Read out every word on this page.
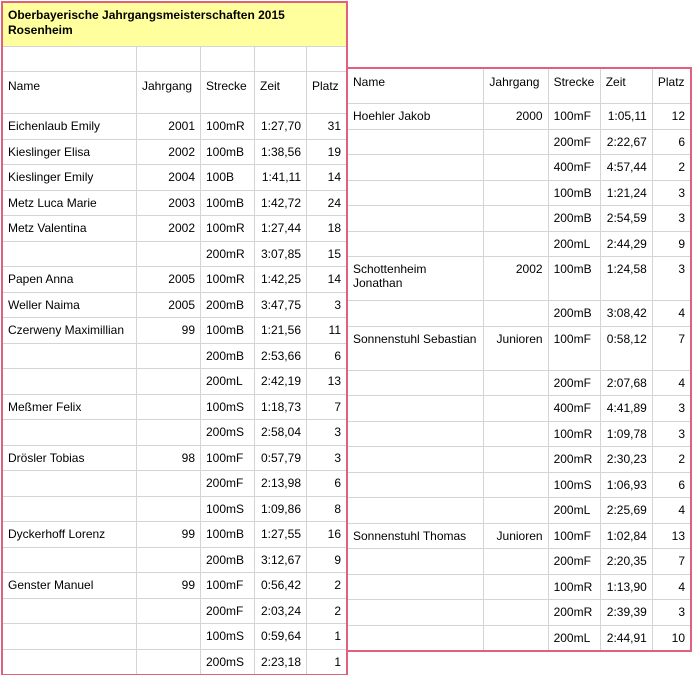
Oberbayerische Jahrgangsmeisterschaften 2015
Rosenheim				

Name	Jahrgang	Strecke	Zeit	Platz
Eichenlaub Emily	2001	100mR	1:27,70	31
Kieslinger Elisa	2002	100mB	1:38,56	19
Kieslinger Emily	2004	100B	1:41,11	14
Metz Luca Marie	2003	100mB	1:42,72	24
Metz Valentina	2002	100mR	1:27,44	18
		200mR	3:07,85	15
Papen Anna	2005	100mR	1:42,25	14
Weller Naima	2005	200mB	3:47,75	3
Czerweny Maximillian	99	100mB	1:21,56	11
		200mB	2:53,66	6
		200mL	2:42,19	13
Meßmer Felix		100mS	1:18,73	7
		200mS	2:58,04	3
Drösler Tobias	98	100mF	0:57,79	3
		200mF	2:13,98	6
		100mS	1:09,86	8
Dyckerhoff Lorenz	99	100mB	1:27,55	16
		200mB	3:12,67	9
Genster Manuel	99	100mF	0:56,42	2
		200mF	2:03,24	2
		100mS	0:59,64	1
		200mS	2:23,18	1
Name	Jahrgang	Strecke	Zeit	Platz
Hoehler Jakob	2000	100mF	1:05,11	12
		200mF	2:22,67	6
		400mF	4:57,44	2
		100mB	1:21,24	3
		200mB	2:54,59	3
		200mL	2:44,29	9
Schottenheim Jonathan	2002	100mB	1:24,58	3
		200mB	3:08,42	4
Sonnenstuhl Sebastian	Junioren	100mF	0:58,12	7
		200mF	2:07,68	4
		400mF	4:41,89	3
		100mR	1:09,78	3
		200mR	2:30,23	2
		100mS	1:06,93	6
		200mL	2:25,69	4
Sonnenstuhl Thomas	Junioren	100mF	1:02,84	13
		200mF	2:20,35	7
		100mR	1:13,90	4
		200mR	2:39,39	3
		200mL	2:44,91	10
